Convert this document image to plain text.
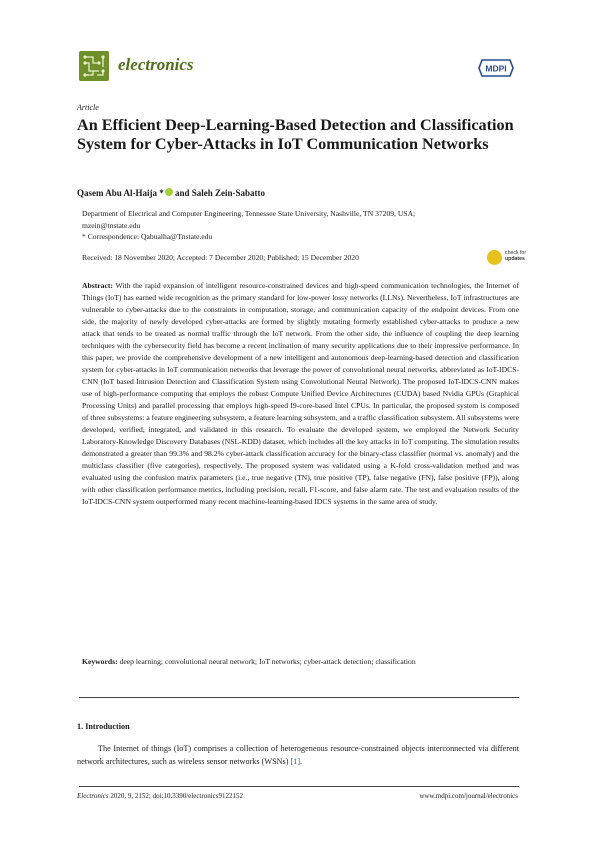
electronics	MDPI
Article
An Efficient Deep-Learning-Based Detection and Classification System for Cyber-Attacks in IoT Communication Networks
Qasem Abu Al-Haija * and Saleh Zein-Sabatto
Department of Electrical and Computer Engineering, Tennessee State University, Nashville, TN 37209, USA;
mzein@tnstate.edu
* Correspondence: Qabualha@Tnstate.edu
Received: 18 November 2020; Accepted: 7 December 2020; Published: 15 December 2020	check for
updates

Abstract: With the rapid expansion of intelligent resource-constrained devices and high-speed communication technologies, the Internet of Things (IoT) has earned wide recognition as the primary standard for low-power lossy networks (LLNs). Nevertheless, IoT infrastructures are vulnerable to cyber-attacks due to the constraints in computation, storage, and communication capacity of the endpoint devices. From one side, the majority of newly developed cyber-attacks are formed by slightly mutating formerly established cyber-attacks to produce a new attack that tends to be treated as normal traffic through the IoT network. From the other side, the influence of coupling the deep learning techniques with the cybersecurity field has become a recent inclination of many security applications due to their impressive performance. In this paper, we provide the comprehensive development of a new intelligent and autonomous deep-learning-based detection and classification system for cyber-attacks in IoT communication networks that leverage the power of convolutional neural networks, abbreviated as IoT-IDCS-CNN (IoT based Intrusion Detection and Classification System using Convolutional Neural Network). The proposed IoT-IDCS-CNN makes use of high-performance computing that employs the robust Compute Unified Device Architectures (CUDA) based Nvidia GPUs (Graphical Processing Units) and parallel processing that employs high-speed I9-core-based Intel CPUs. In particular, the proposed system is composed of three subsystems: a feature engineering subsystem, a feature learning subsystem, and a traffic classification subsystem. All subsystems were developed, verified, integrated, and validated in this research. To evaluate the developed system, we employed the Network Security Laboratory-Knowledge Discovery Databases (NSL-KDD) dataset, which includes all the key attacks in IoT computing. The simulation results demonstrated a greater than 99.3% and 98.2% cyber-attack classification accuracy for the binary-class classifier (normal vs. anomaly) and the multiclass classifier (five categories), respectively. The proposed system was validated using a K-fold cross-validation method and was evaluated using the confusion matrix parameters (i.e., true negative (TN), true positive (TP), false negative (FN), false positive (FP)), along with other classification performance metrics, including precision, recall, F1-score, and false alarm rate. The test and evaluation results of the IoT-IDCS-CNN system outperformed many recent machine-learning-based IDCS systems in the same area of study.

Keywords: deep learning; convolutional neural network; IoT networks; cyber-attack detection; classification

1. Introduction

The Internet of things (IoT) comprises a collection of heterogeneous resource-constrained objects interconnected via different network architectures, such as wireless sensor networks (WSNs) [1].

Electronics 2020, 9, 2152; doi:10.3390/electronics9122152	www.mdpi.com/journal/electronics
